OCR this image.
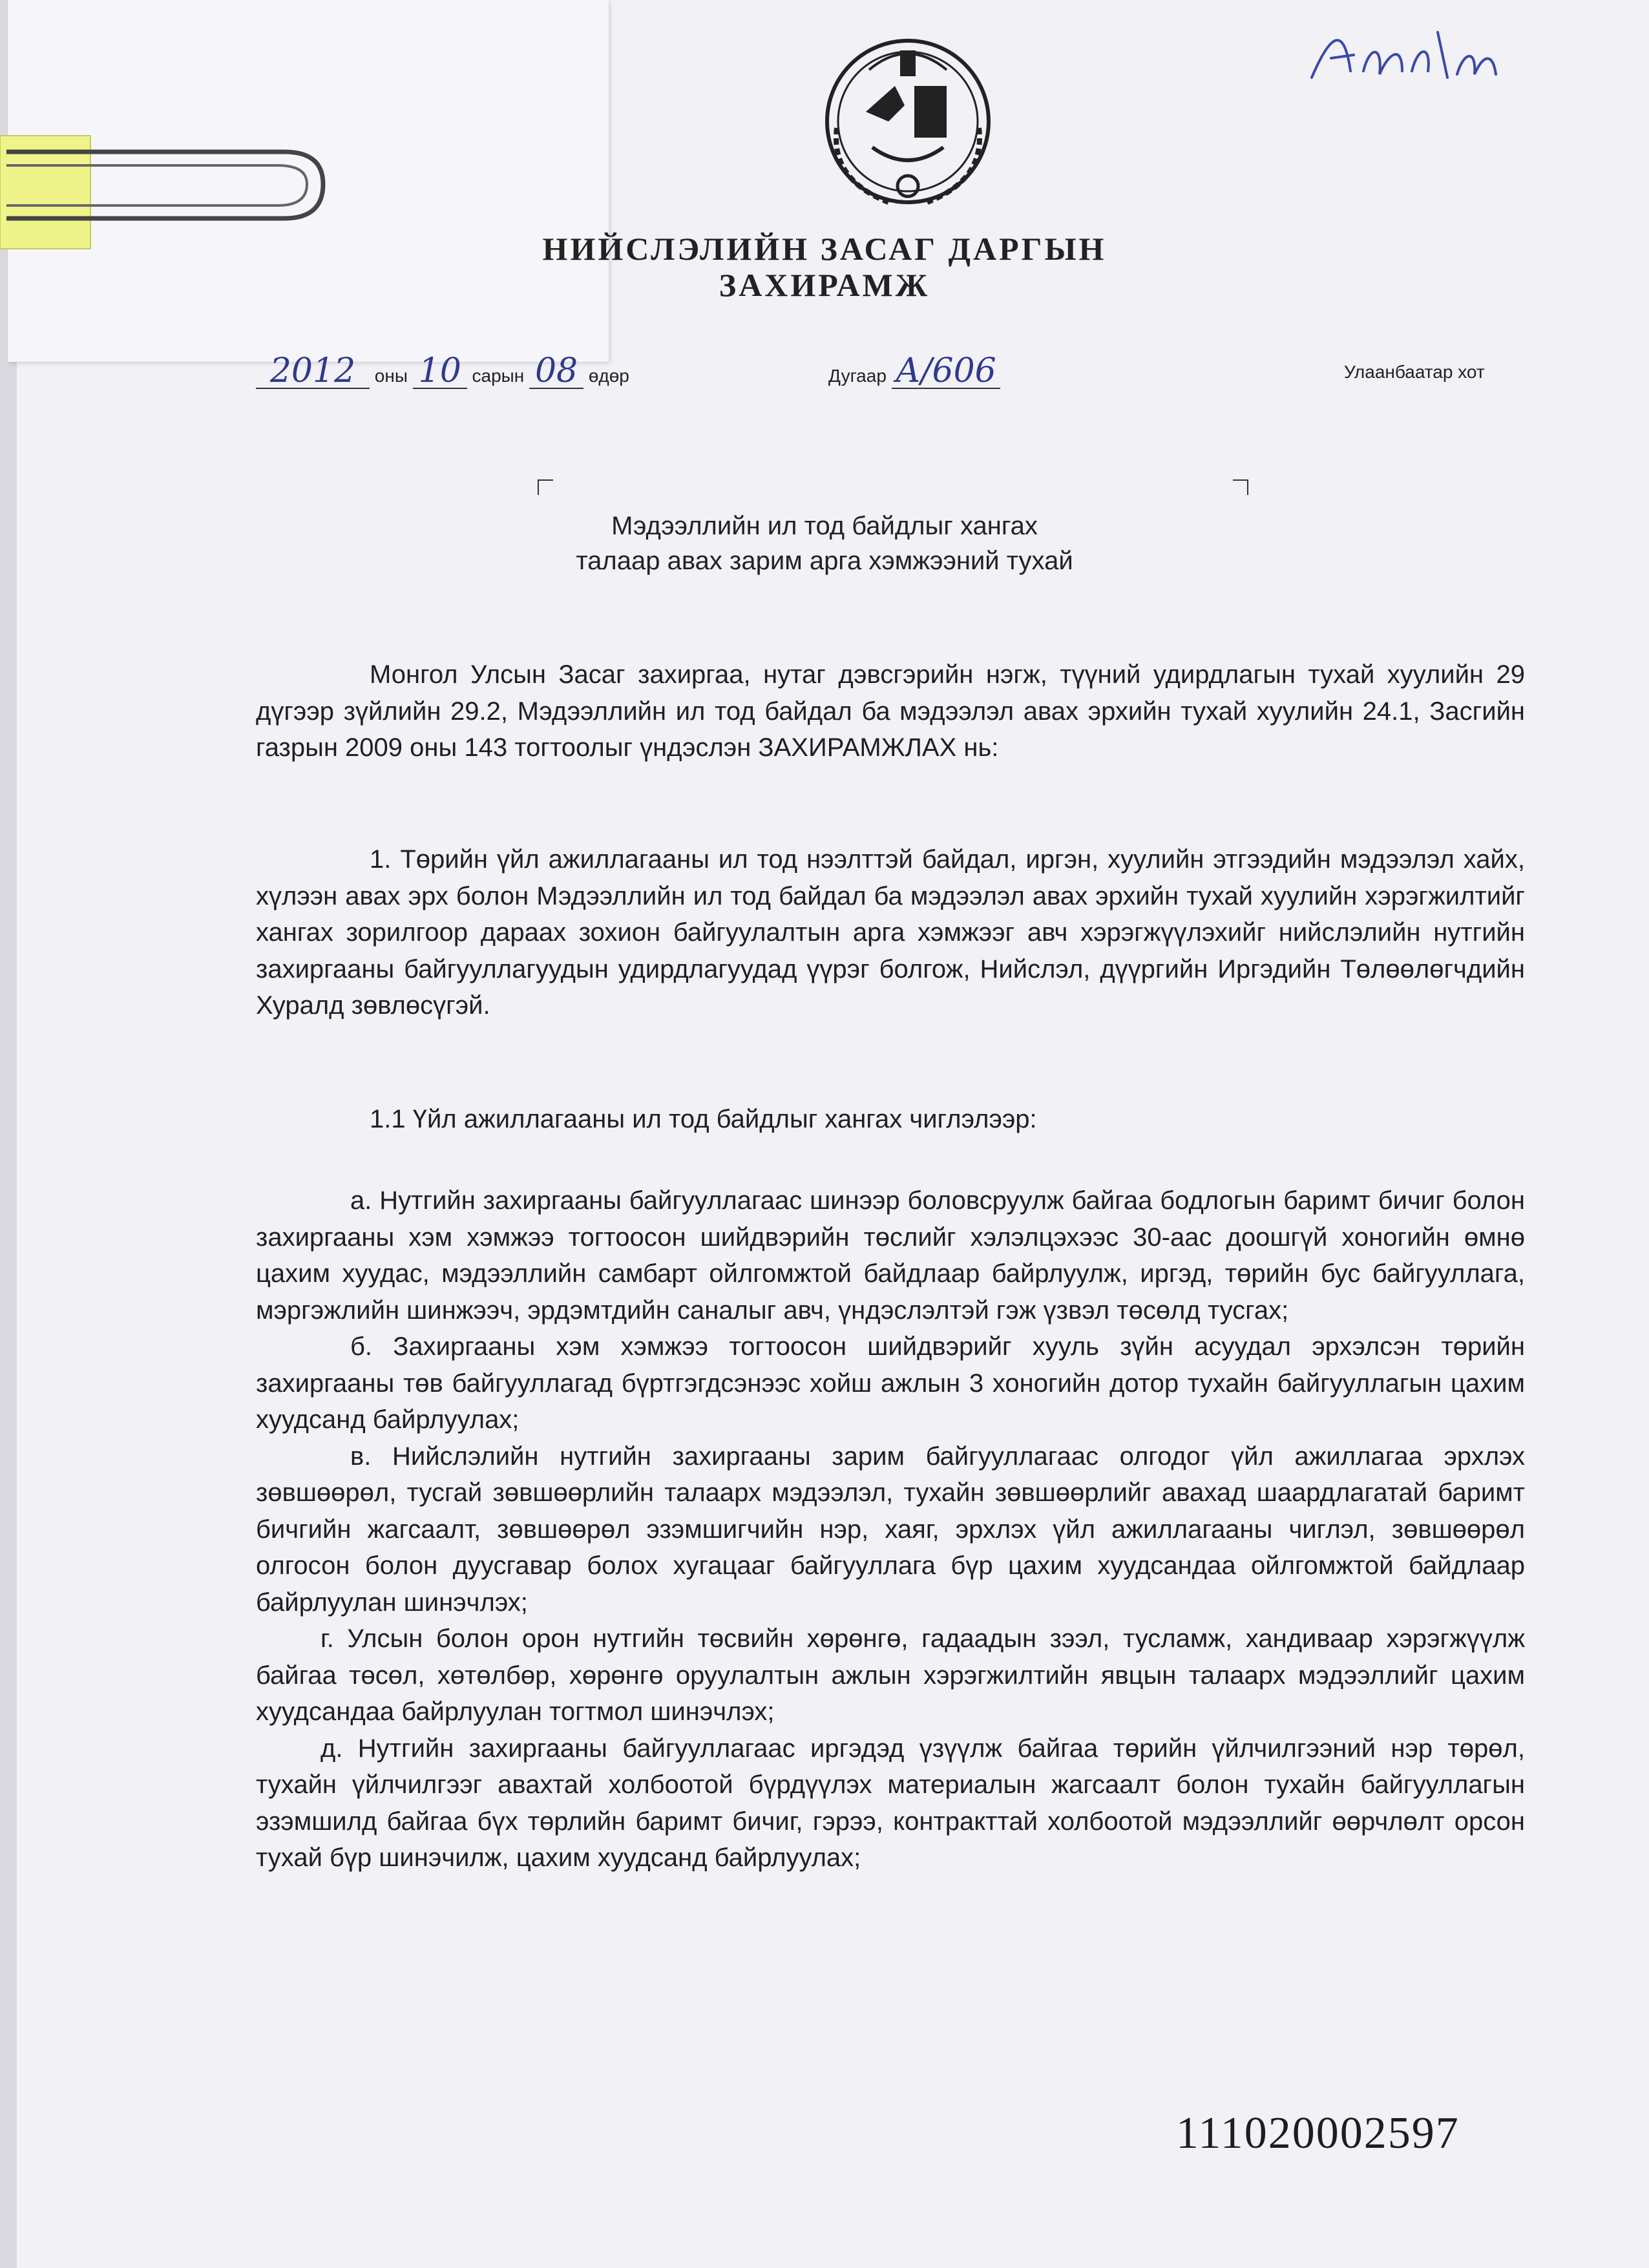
НИЙСЛЭЛИЙН ЗАСАГ ДАРГЫН
ЗАХИРАМЖ
2012 оны 10 сарын 08 өдөр	Дугаар А/606	Улаанбаатар хот
Мэдээллийн ил тод байдлыг хангах
талаар авах зарим арга хэмжээний тухай

Монгол Улсын Засаг захиргаа, нутаг дэвсгэрийн нэгж, түүний удирдлагын тухай хуулийн 29 дүгээр зүйлийн 29.2, Мэдээллийн ил тод байдал ба мэдээлэл авах эрхийн тухай хуулийн 24.1, Засгийн газрын 2009 оны 143 тогтоолыг үндэслэн ЗАХИРАМЖЛАХ нь:

1. Төрийн үйл ажиллагааны ил тод нээлттэй байдал, иргэн, хуулийн этгээдийн мэдээлэл хайх, хүлээн авах эрх болон Мэдээллийн ил тод байдал ба мэдээлэл авах эрхийн тухай хуулийн хэрэгжилтийг хангах зорилгоор дараах зохион байгуулалтын арга хэмжээг авч хэрэгжүүлэхийг нийслэлийн нутгийн захиргааны байгууллагуудын удирдлагуудад үүрэг болгож, Нийслэл, дүүргийн Иргэдийн Төлөөлөгчдийн Хуралд зөвлөсүгэй.

1.1 Үйл ажиллагааны ил тод байдлыг хангах чиглэлээр:

а. Нутгийн захиргааны байгууллагаас шинээр боловсруулж байгаа бодлогын баримт бичиг болон захиргааны хэм хэмжээ тогтоосон шийдвэрийн төслийг хэлэлцэхээс 30-аас доошгүй хоногийн өмнө цахим хуудас, мэдээллийн самбарт ойлгомжтой байдлаар байрлуулж, иргэд, төрийн бус байгууллага, мэргэжлийн шинжээч, эрдэмтдийн саналыг авч, үндэслэлтэй гэж үзвэл төсөлд тусгах;

б. Захиргааны хэм хэмжээ тогтоосон шийдвэрийг хууль зүйн асуудал эрхэлсэн төрийн захиргааны төв байгууллагад бүртгэгдсэнээс хойш ажлын 3 хоногийн дотор тухайн байгууллагын цахим хуудсанд байрлуулах;

в. Нийслэлийн нутгийн захиргааны зарим байгууллагаас олгодог үйл ажиллагаа эрхлэх зөвшөөрөл, тусгай зөвшөөрлийн талаарх мэдээлэл, тухайн зөвшөөрлийг авахад шаардлагатай баримт бичгийн жагсаалт, зөвшөөрөл эзэмшигчийн нэр, хаяг, эрхлэх үйл ажиллагааны чиглэл, зөвшөөрөл олгосон болон дуусгавар болох хугацааг байгууллага бүр цахим хуудсандаа ойлгомжтой байдлаар байрлуулан шинэчлэх;

г. Улсын болон орон нутгийн төсвийн хөрөнгө, гадаадын зээл, тусламж, хандиваар хэрэгжүүлж байгаа төсөл, хөтөлбөр, хөрөнгө оруулалтын ажлын хэрэгжилтийн явцын талаарх мэдээллийг цахим хуудсандаа байрлуулан тогтмол шинэчлэх;

д. Нутгийн захиргааны байгууллагаас иргэдэд үзүүлж байгаа төрийн үйлчилгээний нэр төрөл, тухайн үйлчилгээг авахтай холбоотой бүрдүүлэх материалын жагсаалт болон тухайн байгууллагын эзэмшилд байгаа бүх төрлийн баримт бичиг, гэрээ, контракттай холбоотой мэдээллийг өөрчлөлт орсон тухай бүр шинэчилж, цахим хуудсанд байрлуулах;

111020002597
